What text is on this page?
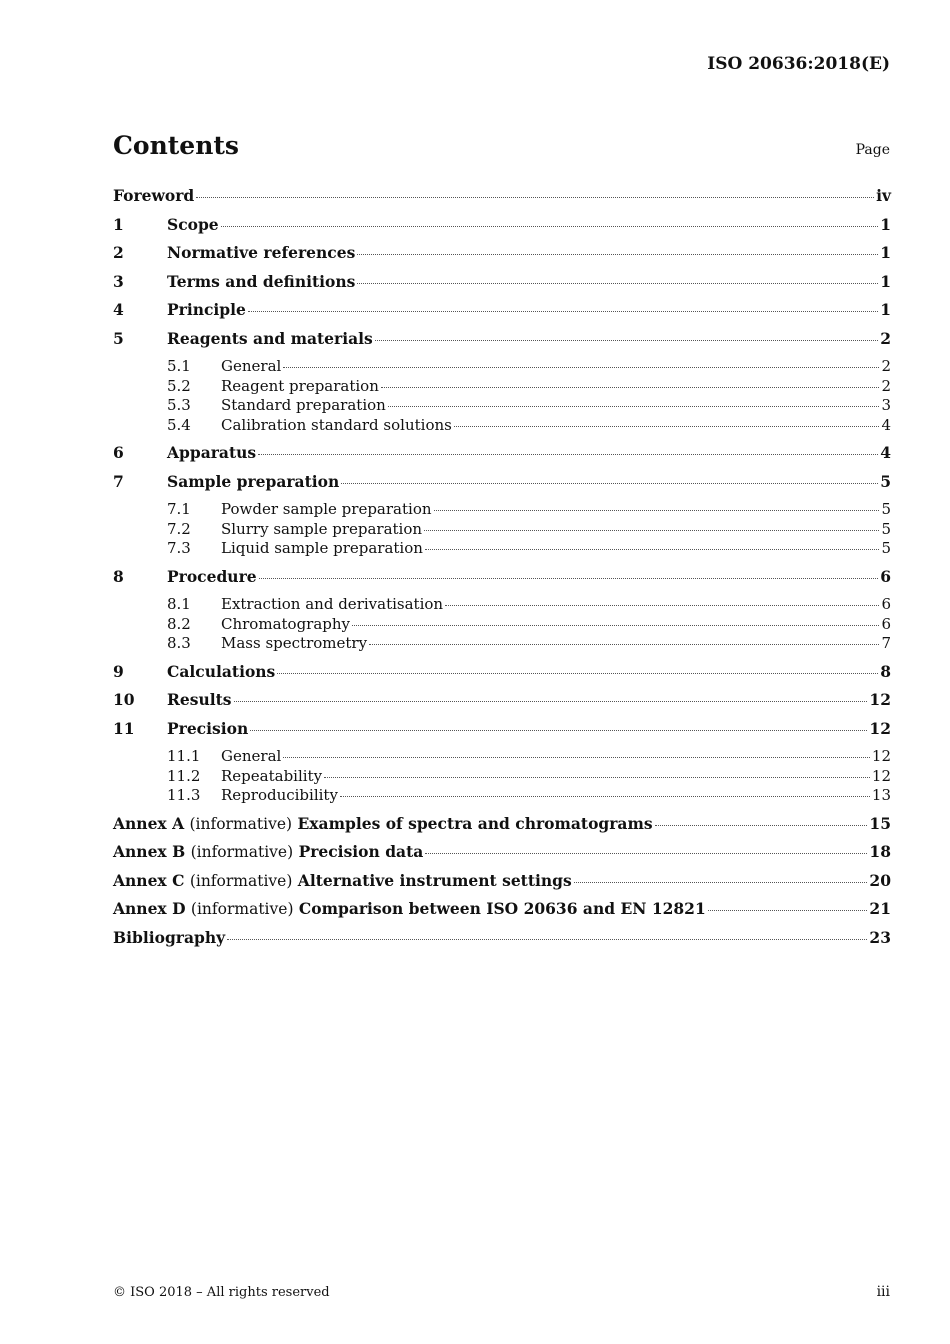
ISO 20636:2018(E)
Contents	Page
Foreword	iv
1	Scope	1
2	Normative references	1
3	Terms and definitions	1
4	Principle	1
5	Reagents and materials	2
5.1	General	2
5.2	Reagent preparation	2
5.3	Standard preparation	3
5.4	Calibration standard solutions	4
6	Apparatus	4
7	Sample preparation	5
7.1	Powder sample preparation	5
7.2	Slurry sample preparation	5
7.3	Liquid sample preparation	5
8	Procedure	6
8.1	Extraction and derivatisation	6
8.2	Chromatography	6
8.3	Mass spectrometry	7
9	Calculations	8
10	Results	12
11	Precision	12
11.1	General	12
11.2	Repeatability	12
11.3	Reproducibility	13
Annex A (informative) Examples of spectra and chromatograms	15
Annex B (informative) Precision data	18
Annex C (informative) Alternative instrument settings	20
Annex D (informative) Comparison between ISO 20636 and EN 12821	21
Bibliography	23
© ISO 2018 – All rights reserved	iii
